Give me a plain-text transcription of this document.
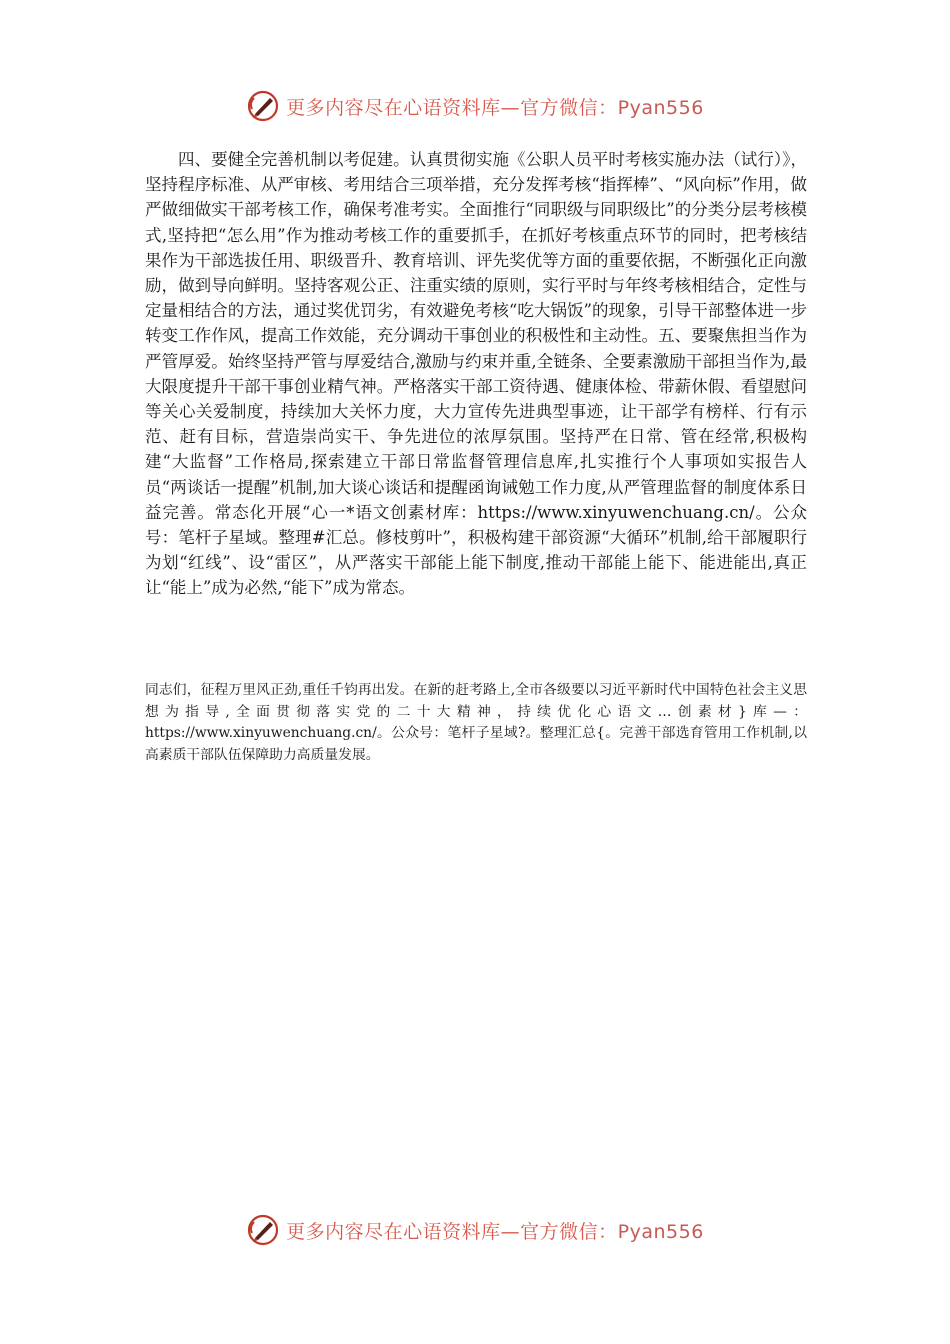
更多内容尽在心语资料库—官方微信：Pyan556

四、要健全完善机制以考促建。认真贯彻实施《公职人员平时考核实施办法（试行）》，坚持程序标准、从严审核、考用结合三项举措，充分发挥考核“指挥棒”、“风向标”作用，做严做细做实干部考核工作，确保考准考实。全面推行“同职级与同职级比”的分类分层考核模式,坚持把“怎么用”作为推动考核工作的重要抓手，在抓好考核重点环节的同时，把考核结果作为干部选拔任用、职级晋升、教育培训、评先奖优等方面的重要依据，不断强化正向激励，做到导向鲜明。坚持客观公正、注重实绩的原则，实行平时与年终考核相结合，定性与定量相结合的方法，通过奖优罚劣，有效避免考核“吃大锅饭”的现象，引导干部整体进一步转变工作作风，提高工作效能，充分调动干事创业的积极性和主动性。五、要聚焦担当作为严管厚爱。始终坚持严管与厚爱结合,激励与约束并重,全链条、全要素激励干部担当作为,最大限度提升干部干事创业精气神。严格落实干部工资待遇、健康体检、带薪休假、看望慰问等关心关爱制度，持续加大关怀力度，大力宣传先进典型事迹，让干部学有榜样、行有示范、赶有目标，营造崇尚实干、争先进位的浓厚氛围。坚持严在日常、管在经常,积极构建“大监督”工作格局,探索建立干部日常监督管理信息库,扎实推行个人事项如实报告人员“两谈话一提醒”机制,加大谈心谈话和提醒函询诫勉工作力度,从严管理监督的制度体系日益完善。常态化开展“心一*语文创素材库：https://www.xinyuwenchuang.cn/。公众号：笔杆子星域。整理#汇总。修枝剪叶”，积极构建干部资源“大循环”机制,给干部履职行为划“红线”、设“雷区”，从严落实干部能上能下制度,推动干部能上能下、能进能出,真正让“能上”成为必然,“能下”成为常态。

同志们，征程万里风正劲,重任千钧再出发。在新的赶考路上,全市各级要以习近平新时代中国特色社会主义思想为指导,全面贯彻落实党的二十大精神，持续优化心语文…创素材}库—：https://www.xinyuwenchuang.cn/。公众号：笔杆子星域?。整理汇总{。完善干部选育管用工作机制,以高素质干部队伍保障助力高质量发展。

更多内容尽在心语资料库—官方微信：Pyan556
